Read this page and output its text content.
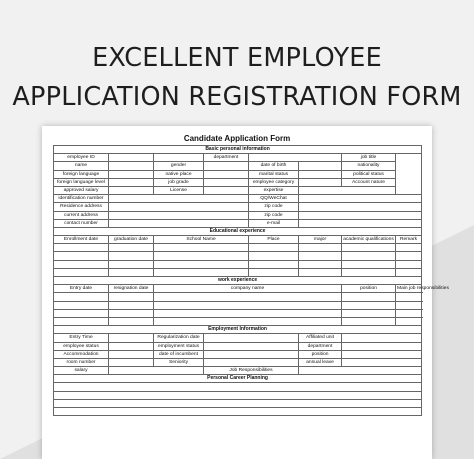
EXCELLENT EMPLOYEE
APPLICATION REGISTRATION FORM
Candidate Application Form
Basic personal information							
employee ID			department			job title	
name		gender		date of birth		nationality	
foreign language		native place		marital status		political status	
foreign language level		job grade		employee category		Account nature	
approved salary		License		expertise			
identification number				QQ/WeChat			
Residence address				zip code			
current address				zip code			
contact number				e-mail			
Educational experience							
Enrollment date	graduation date	School Name		Place	major	academic qualifications	Remark

work experience							
Entry date	resignation date	company name				position	Main job responsibilities

Employment Information							
Entry Time		Regularization date			Affiliated unit		
employee status		employment status			department		
Accommodation		date of incumbent			position		
room number		Seniority			annual leave		
salary			Job Responsibilities				
Personal Career Planning							
